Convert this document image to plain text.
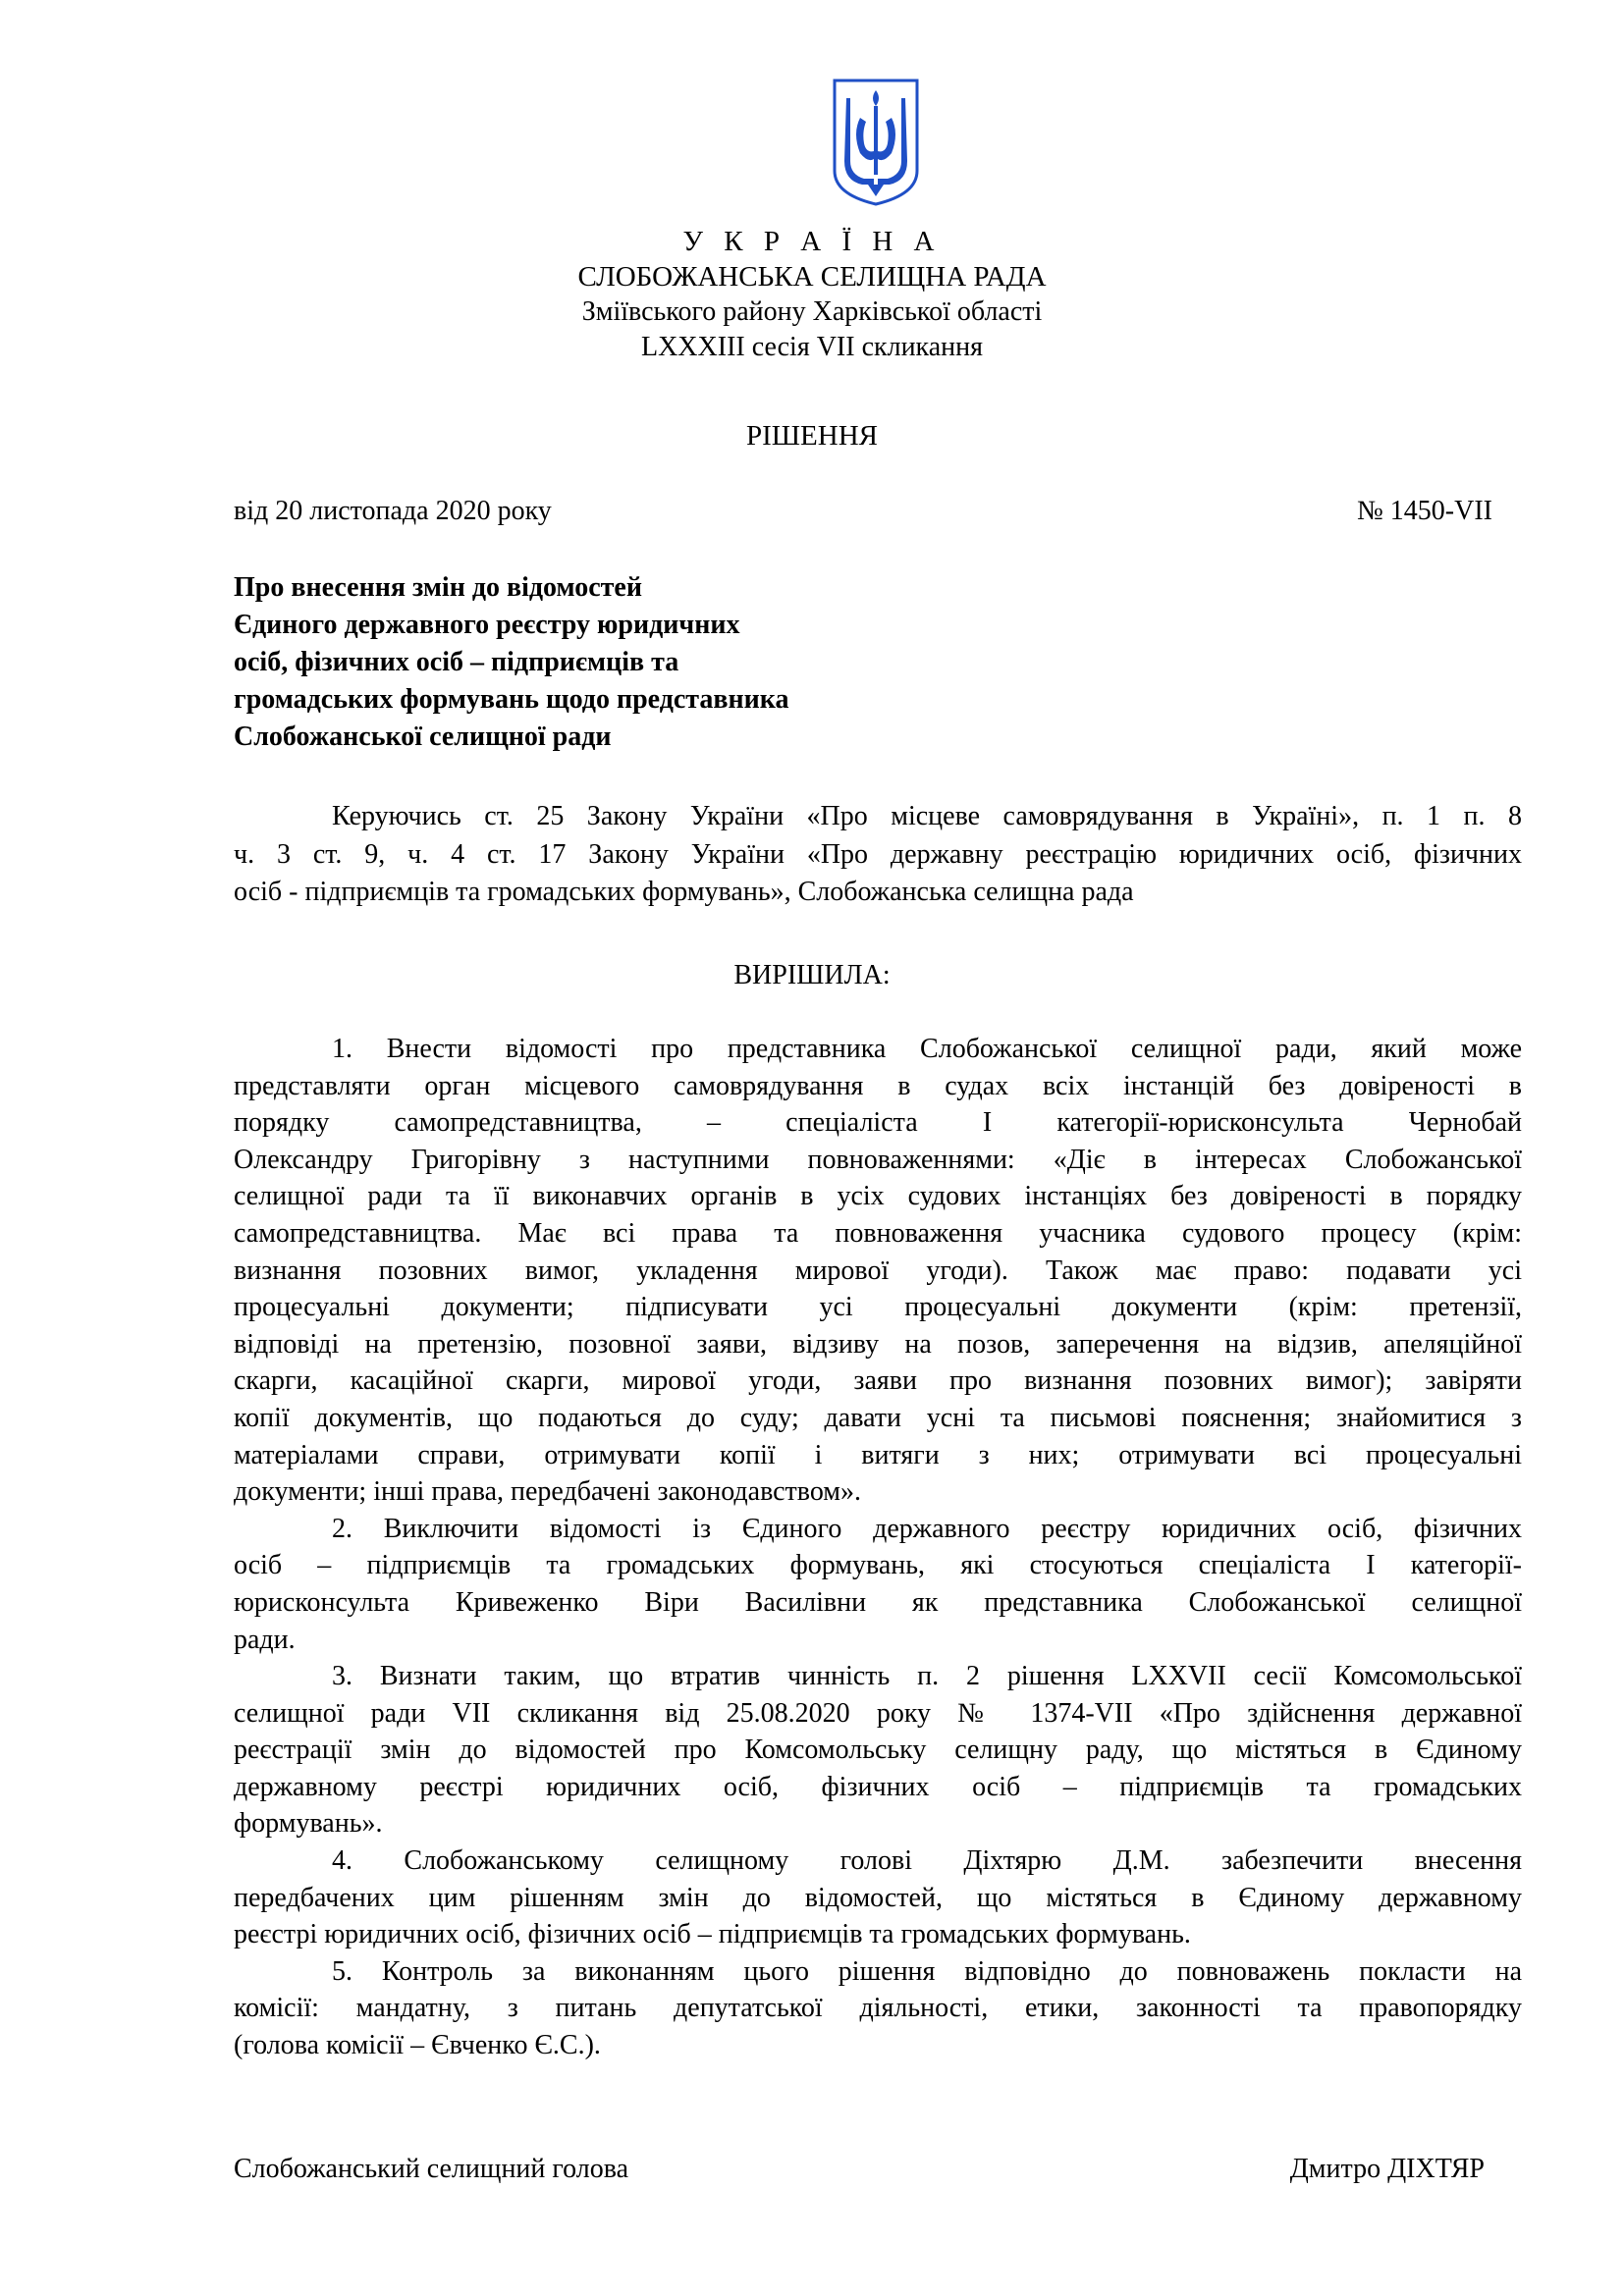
У К Р А Ї Н А
СЛОБОЖАНСЬКА СЕЛИЩНА РАДА
Зміївського району Харківської області
LXXXIII сесія VII скликання
РІШЕННЯ
від 20 листопада 2020 року	№ 1450-VII
Про внесення змін до відомостей
Єдиного державного реєстру юридичних
осіб, фізичних осіб – підприємців та
громадських формувань щодо представника
Слобожанської селищної ради
Керуючись ст. 25 Закону України «Про місцеве самоврядування в Україні», п. 1 п. 8
ч. 3 ст. 9, ч. 4 ст. 17 Закону України «Про державну реєстрацію юридичних осіб, фізичних
осіб - підприємців та громадських формувань», Слобожанська селищна рада
ВИРІШИЛА:
1. Внести відомості про представника Слобожанської селищної ради, який може
представляти орган місцевого самоврядування в судах всіх інстанцій без довіреності в
порядку самопредставництва, – спеціаліста І категорії-юрисконсульта Чернобай
Олександру Григорівну з наступними повноваженнями: «Діє в інтересах Слобожанської
селищної ради та її виконавчих органів в усіх судових інстанціях без довіреності в порядку
самопредставництва. Має всі права та повноваження учасника судового процесу (крім:
визнання позовних вимог, укладення мирової угоди). Також має право: подавати усі
процесуальні документи; підписувати усі процесуальні документи (крім: претензії,
відповіді на претензію, позовної заяви, відзиву на позов, заперечення на відзив, апеляційної
скарги, касаційної скарги, мирової угоди, заяви про визнання позовних вимог); завіряти
копії документів, що подаються до суду; давати усні та письмові пояснення; знайомитися з
матеріалами справи, отримувати копії і витяги з них; отримувати всі процесуальні
документи; інші права, передбачені законодавством».
2. Виключити відомості із Єдиного державного реєстру юридичних осіб, фізичних
осіб – підприємців та громадських формувань, які стосуються спеціаліста І категорії-
юрисконсульта Кривеженко Віри Василівни як представника Слобожанської селищної
ради.
3. Визнати таким, що втратив чинність п. 2 рішення LXXVII сесії Комсомольської
селищної ради VII скликання від 25.08.2020 року № 1374-VII «Про здійснення державної
реєстрації змін до відомостей про Комсомольську селищну раду, що містяться в Єдиному
державному реєстрі юридичних осіб, фізичних осіб – підприємців та громадських
формувань».
4. Слобожанському селищному голові Діхтярю Д.М. забезпечити внесення
передбачених цим рішенням змін до відомостей, що містяться в Єдиному державному
реєстрі юридичних осіб, фізичних осіб – підприємців та громадських формувань.
5. Контроль за виконанням цього рішення відповідно до повноважень покласти на
комісії: мандатну, з питань депутатської діяльності, етики, законності та правопорядку
(голова комісії – Євченко Є.С.).
Слобожанський селищний голова	Дмитро ДІХТЯР
